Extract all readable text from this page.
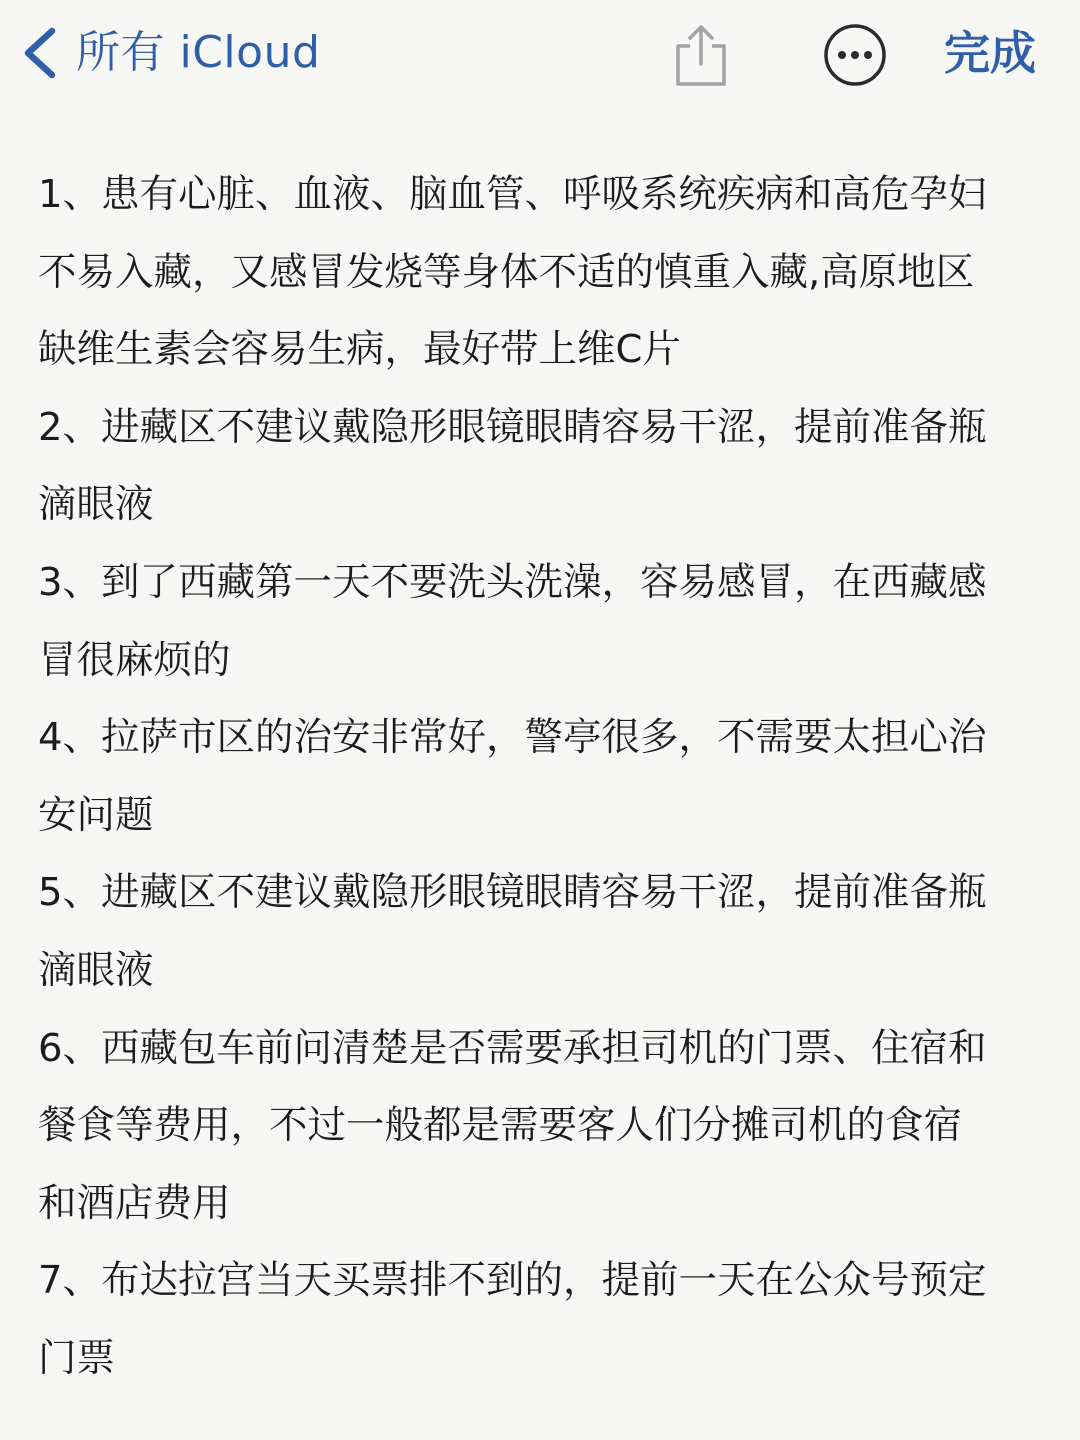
所有 iCloud	完成
1、患有心脏、血液、脑血管、呼吸系统疾病和高危孕妇
不易入藏，又感冒发烧等身体不适的慎重入藏,高原地区
缺维生素会容易生病，最好带上维C片
2、进藏区不建议戴隐形眼镜眼睛容易干涩，提前准备瓶
滴眼液
3、到了西藏第一天不要洗头洗澡，容易感冒，在西藏感
冒很麻烦的
4、拉萨市区的治安非常好，警亭很多，不需要太担心治
安问题
5、进藏区不建议戴隐形眼镜眼睛容易干涩，提前准备瓶
滴眼液
6、西藏包车前问清楚是否需要承担司机的门票、住宿和
餐食等费用，不过一般都是需要客人们分摊司机的食宿
和酒店费用
7、布达拉宫当天买票排不到的，提前一天在公众号预定
门票
